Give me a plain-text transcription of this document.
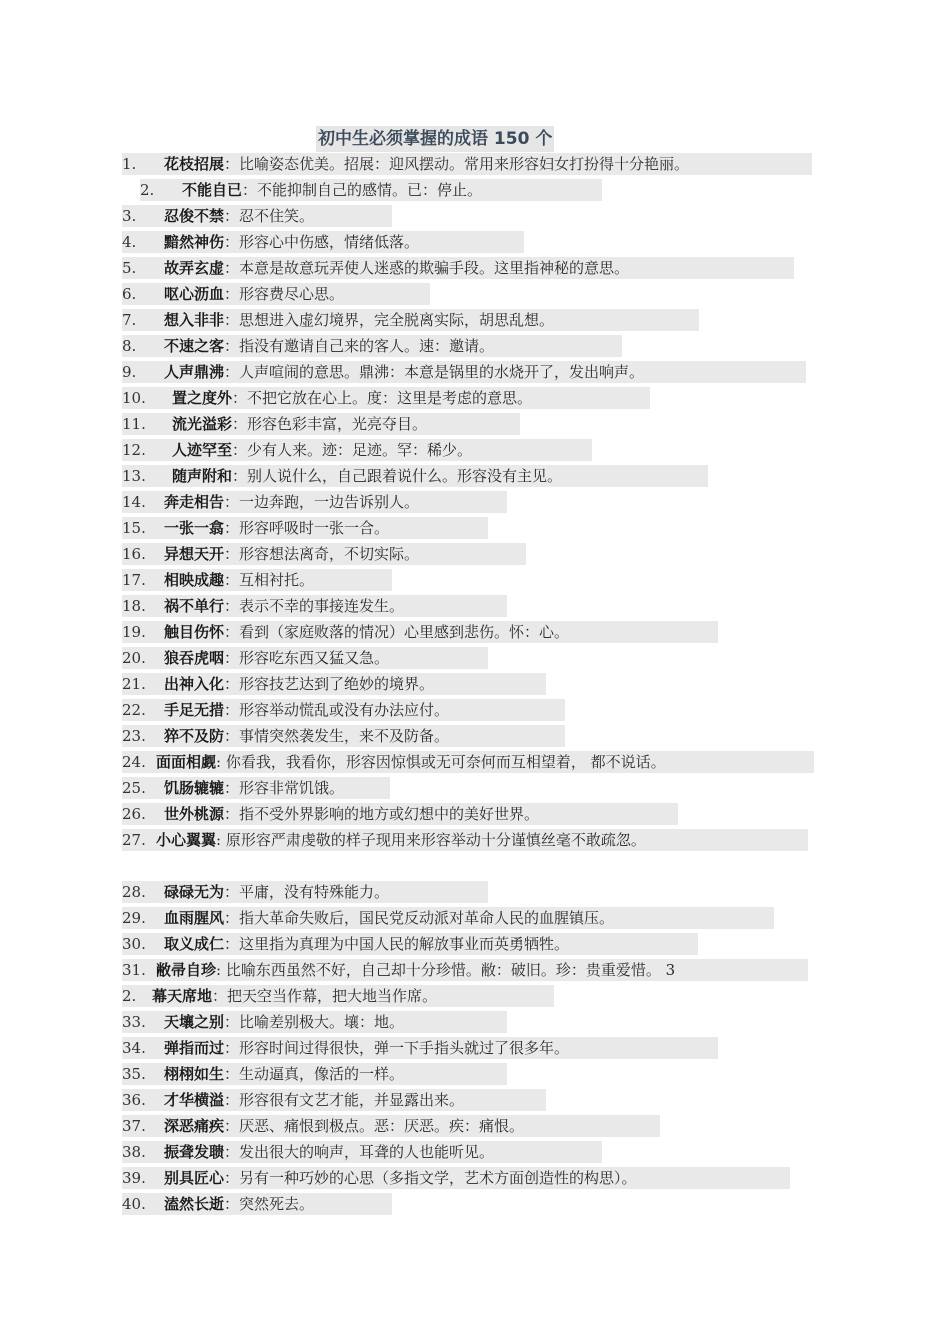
初中生必须掌握的成语 150 个
1. 花枝招展：比喻姿态优美。招展：迎风摆动。常用来形容妇女打扮得十分艳丽。
2. 不能自已：不能抑制自己的感情。已：停止。
3. 忍俊不禁：忍不住笑。
4. 黯然神伤：形容心中伤感，情绪低落。
5. 故弄玄虚：本意是故意玩弄使人迷惑的欺骗手段。这里指神秘的意思。
6. 呕心沥血：形容费尽心思。
7. 想入非非：思想进入虚幻境界，完全脱离实际，胡思乱想。
8. 不速之客：指没有邀请自己来的客人。速：邀请。
9. 人声鼎沸：人声喧闹的意思。鼎沸：本意是锅里的水烧开了，发出响声。
10. 置之度外：不把它放在心上。度：这里是考虑的意思。
11. 流光溢彩：形容色彩丰富，光亮夺目。
12. 人迹罕至：少有人来。迹：足迹。罕：稀少。
13. 随声附和：别人说什么，自己跟着说什么。形容没有主见。
14. 奔走相告：一边奔跑，一边告诉别人。
15. 一张一翕：形容呼吸时一张一合。
16. 异想天开：形容想法离奇，不切实际。
17. 相映成趣：互相衬托。
18. 祸不单行：表示不幸的事接连发生。
19. 触目伤怀：看到（家庭败落的情况）心里感到悲伤。怀：心。
20. 狼吞虎咽：形容吃东西又猛又急。
21. 出神入化：形容技艺达到了绝妙的境界。
22. 手足无措：形容举动慌乱或没有办法应付。
23. 猝不及防：事情突然袭发生，来不及防备。
24. 面面相觑: 你看我，我看你，形容因惊惧或无可奈何而互相望着， 都不说话。
25. 饥肠辘辘：形容非常饥饿。
26. 世外桃源：指不受外界影响的地方或幻想中的美好世界。
27. 小心翼翼: 原形容严肃虔敬的样子现用来形容举动十分谨慎丝毫不敢疏忽。
28. 碌碌无为：平庸，没有特殊能力。
29. 血雨腥风：指大革命失败后，国民党反动派对革命人民的血腥镇压。
30. 取义成仁：这里指为真理为中国人民的解放事业而英勇牺牲。
31. 敝帚自珍: 比喻东西虽然不好，自己却十分珍惜。敝：破旧。珍：贵重爱惜。 3
2. 幕天席地：把天空当作幕，把大地当作席。
33. 天壤之别：比喻差别极大。壤：地。
34. 弹指而过：形容时间过得很快，弹一下手指头就过了很多年。
35. 栩栩如生：生动逼真，像活的一样。
36. 才华横溢：形容很有文艺才能，并显露出来。
37. 深恶痛疾：厌恶、痛恨到极点。恶：厌恶。疾：痛恨。
38. 振聋发聩：发出很大的响声，耳聋的人也能听见。
39. 别具匠心：另有一种巧妙的心思（多指文学，艺术方面创造性的构思）。
40. 溘然长逝：突然死去。
